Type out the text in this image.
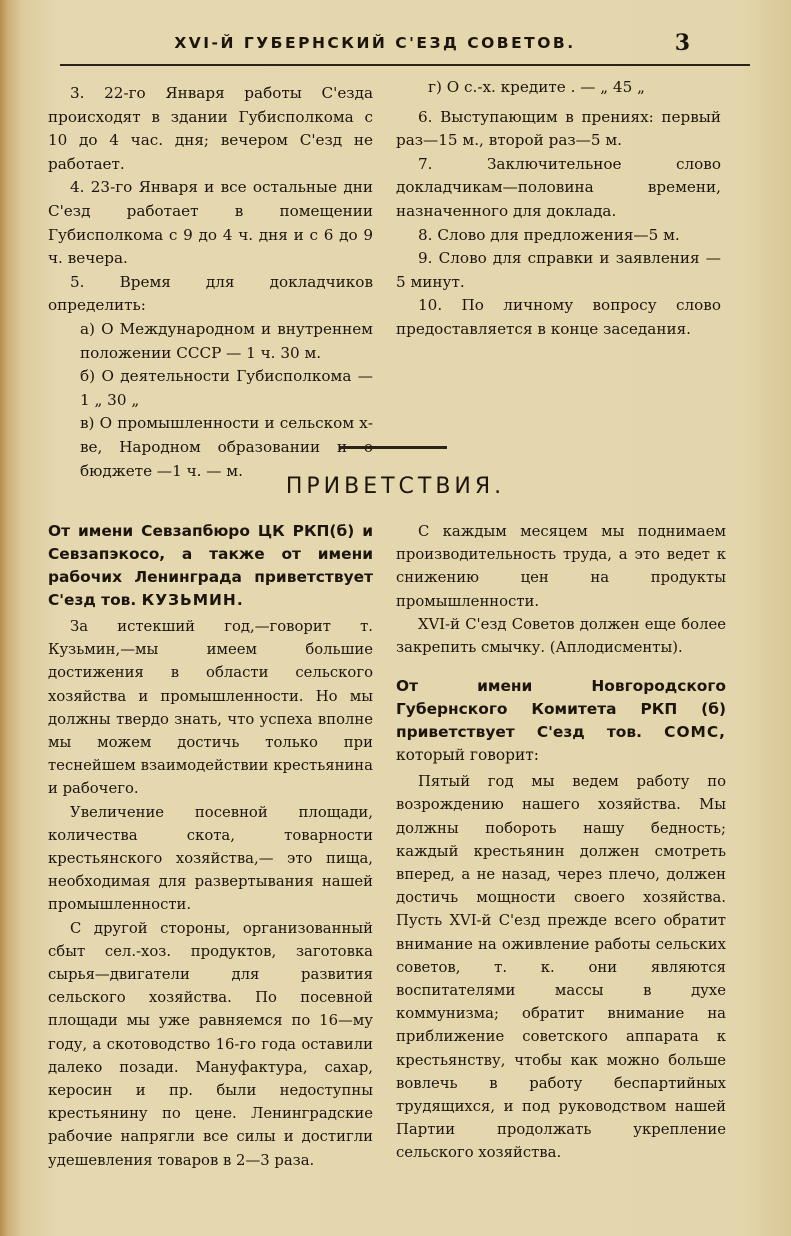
XVI-Й ГУБЕРНСКИЙ С'ЕЗД СОВЕТОВ.	3

3. 22-го Января работы С'езда происходят в здании Губисполкома с 10 до 4 час. дня; вечером С'езд не работает.

4. 23-го Января и все остальные дни С'езд работает в помещении Губисполкома с 9 до 4 ч. дня и с 6 до 9 ч. вечера.

5. Время для докладчиков определить:

а) О Международном и внутреннем положении СССР — 1 ч. 30 м.

б) О деятельности Губисполкома — 1 „ 30 „

в) О промышленности и сельском х-ве, Народном образовании и о бюджете —1 ч. — м.

г) О с.-х. кредите . — „ 45 „

6. Выступающим в прениях: первый раз—15 м., второй раз—5 м.

7. Заключительное слово докладчикам—половина времени, назначенного для доклада.

8. Слово для предложения—5 м.

9. Слово для справки и заявления — 5 минут.

10. По личному вопросу слово предоставляется в конце заседания.

ПРИВЕТСТВИЯ.

От имени Севзапбюро ЦК РКП(б) и Севзапэкосо, а также от имени рабочих Ленинграда приветствует С'езд тов. КУЗЬМИН.

За истекший год,—говорит т. Кузьмин,—мы имеем большие достижения в области сельского хозяйства и промышленности. Но мы должны твердо знать, что успеха вполне мы можем достичь только при теснейшем взаимодействии крестьянина и рабочего.

Увеличение посевной площади, количества скота, товарности крестьянского хозяйства,— это пища, необходимая для развертывания нашей промышленности.

С другой стороны, организованный сбыт сел.-хоз. продуктов, заготовка сырья—двигатели для развития сельского хозяйства. По посевной площади мы уже равняемся по 16—му году, а скотоводство 16-го года оставили далеко позади. Мануфактура, сахар, керосин и пр. были недоступны крестьянину по цене. Ленинградские рабочие напрягли все силы и достигли удешевления товаров в 2—3 раза.

С каждым месяцем мы поднимаем производительность труда, а это ведет к снижению цен на продукты промышленности.

XVI-й С'езд Советов должен еще более закрепить смычку. (Аплодисменты).

От имени Новгородского Губернского Комитета РКП (б) приветствует С'езд тов. СОМС, который говорит:

Пятый год мы ведем работу по возрождению нашего хозяйства. Мы должны побороть нашу бедность; каждый крестьянин должен смотреть вперед, а не назад, через плечо, должен достичь мощности своего хозяйства. Пусть XVI-й С'езд прежде всего обратит внимание на оживление работы сельских советов, т. к. они являются воспитателями массы в духе коммунизма; обратит внимание на приближение советского аппарата к крестьянству, чтобы как можно больше вовлечь в работу беспартийных трудящихся, и под руководством нашей Партии продолжать укрепление сельского хозяйства.
